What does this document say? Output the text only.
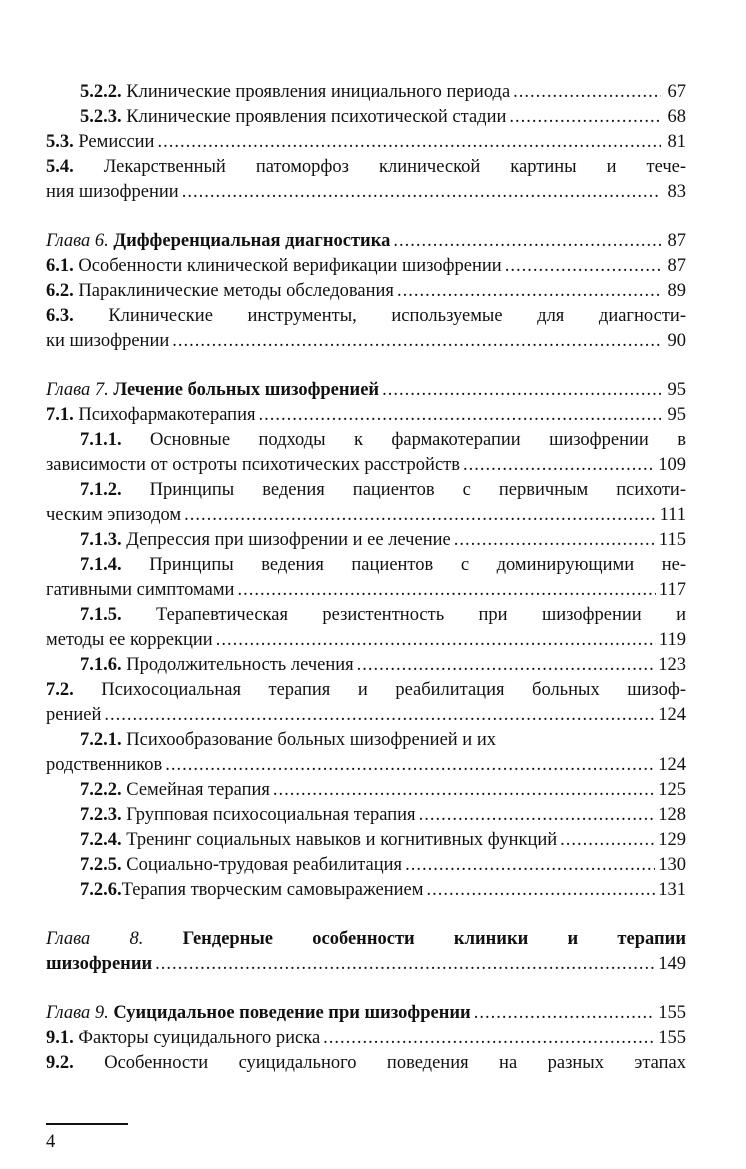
5.2.2. Клинические проявления инициального периода .....	67
5.2.3. Клинические проявления психотической стадии .....	68
5.3. Ремиссии .....	81
5.4. Лекарственный патоморфоз клинической картины и тече-
ния шизофрении .....	83
Глава 6. Дифференциальная диагностика .....	87
6.1. Особенности клинической верификации шизофрении .....	87
6.2. Параклинические методы обследования .....	89
6.3. Клинические инструменты, используемые для диагности-
ки шизофрении .....	90
Глава 7. Лечение больных шизофренией .....	95
7.1. Психофармакотерапия .....	95
7.1.1. Основные подходы к фармакотерапии шизофрении в
зависимости от остроты психотических расстройств .....	109
7.1.2. Принципы ведения пациентов с первичным психоти-
ческим эпизодом .....	111
7.1.3. Депрессия при шизофрении и ее лечение .....	115
7.1.4. Принципы ведения пациентов с доминирующими не-
гативными симптомами .....	117
7.1.5. Терапевтическая резистентность при шизофрении и
методы ее коррекции .....	119
7.1.6. Продолжительность лечения .....	123
7.2. Психосоциальная терапия и реабилитация больных шизоф-
ренией .....	124
7.2.1. Психообразование больных шизофренией и их
родственников .....	124
7.2.2. Семейная терапия .....	125
7.2.3. Групповая психосоциальная терапия .....	128
7.2.4. Тренинг социальных навыков и когнитивных функций .....	129
7.2.5. Социально-трудовая реабилитация .....	130
7.2.6.Терапия творческим самовыражением .....	131
Глава 8. Гендерные особенности клиники и терапии
шизофрении .....	149
Глава 9. Суицидальное поведение при шизофрении .....	155
9.1. Факторы суицидального риска .....	155
9.2. Особенности суицидального поведения на разных этапах
4
